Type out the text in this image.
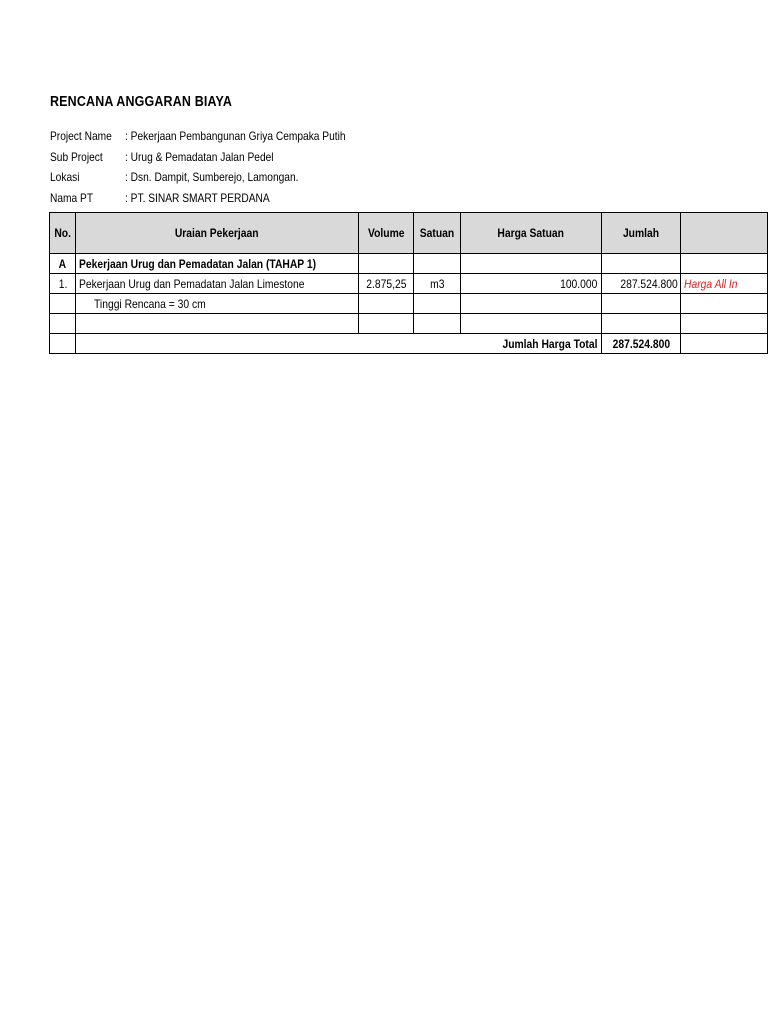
RENCANA ANGGARAN BIAYA
Project Name : Pekerjaan Pembangunan Griya Cempaka Putih
Sub Project	: Urug & Pemadatan Jalan Pedel
Lokasi	: Dsn. Dampit, Sumberejo, Lamongan.
Nama PT	: PT. SINAR SMART PERDANA
No.	Uraian Pekerjaan	Volume	Satuan	Harga Satuan	Jumlah	
A	Pekerjaan Urug dan Pemadatan Jalan (TAHAP 1)					
1.	Pekerjaan Urug dan Pemadatan Jalan Limestone	2.875,25	m3	100.000	287.524.800	Harga All In
	Tinggi Rencana = 30 cm					

	Jumlah Harga Total				287.524.800	
